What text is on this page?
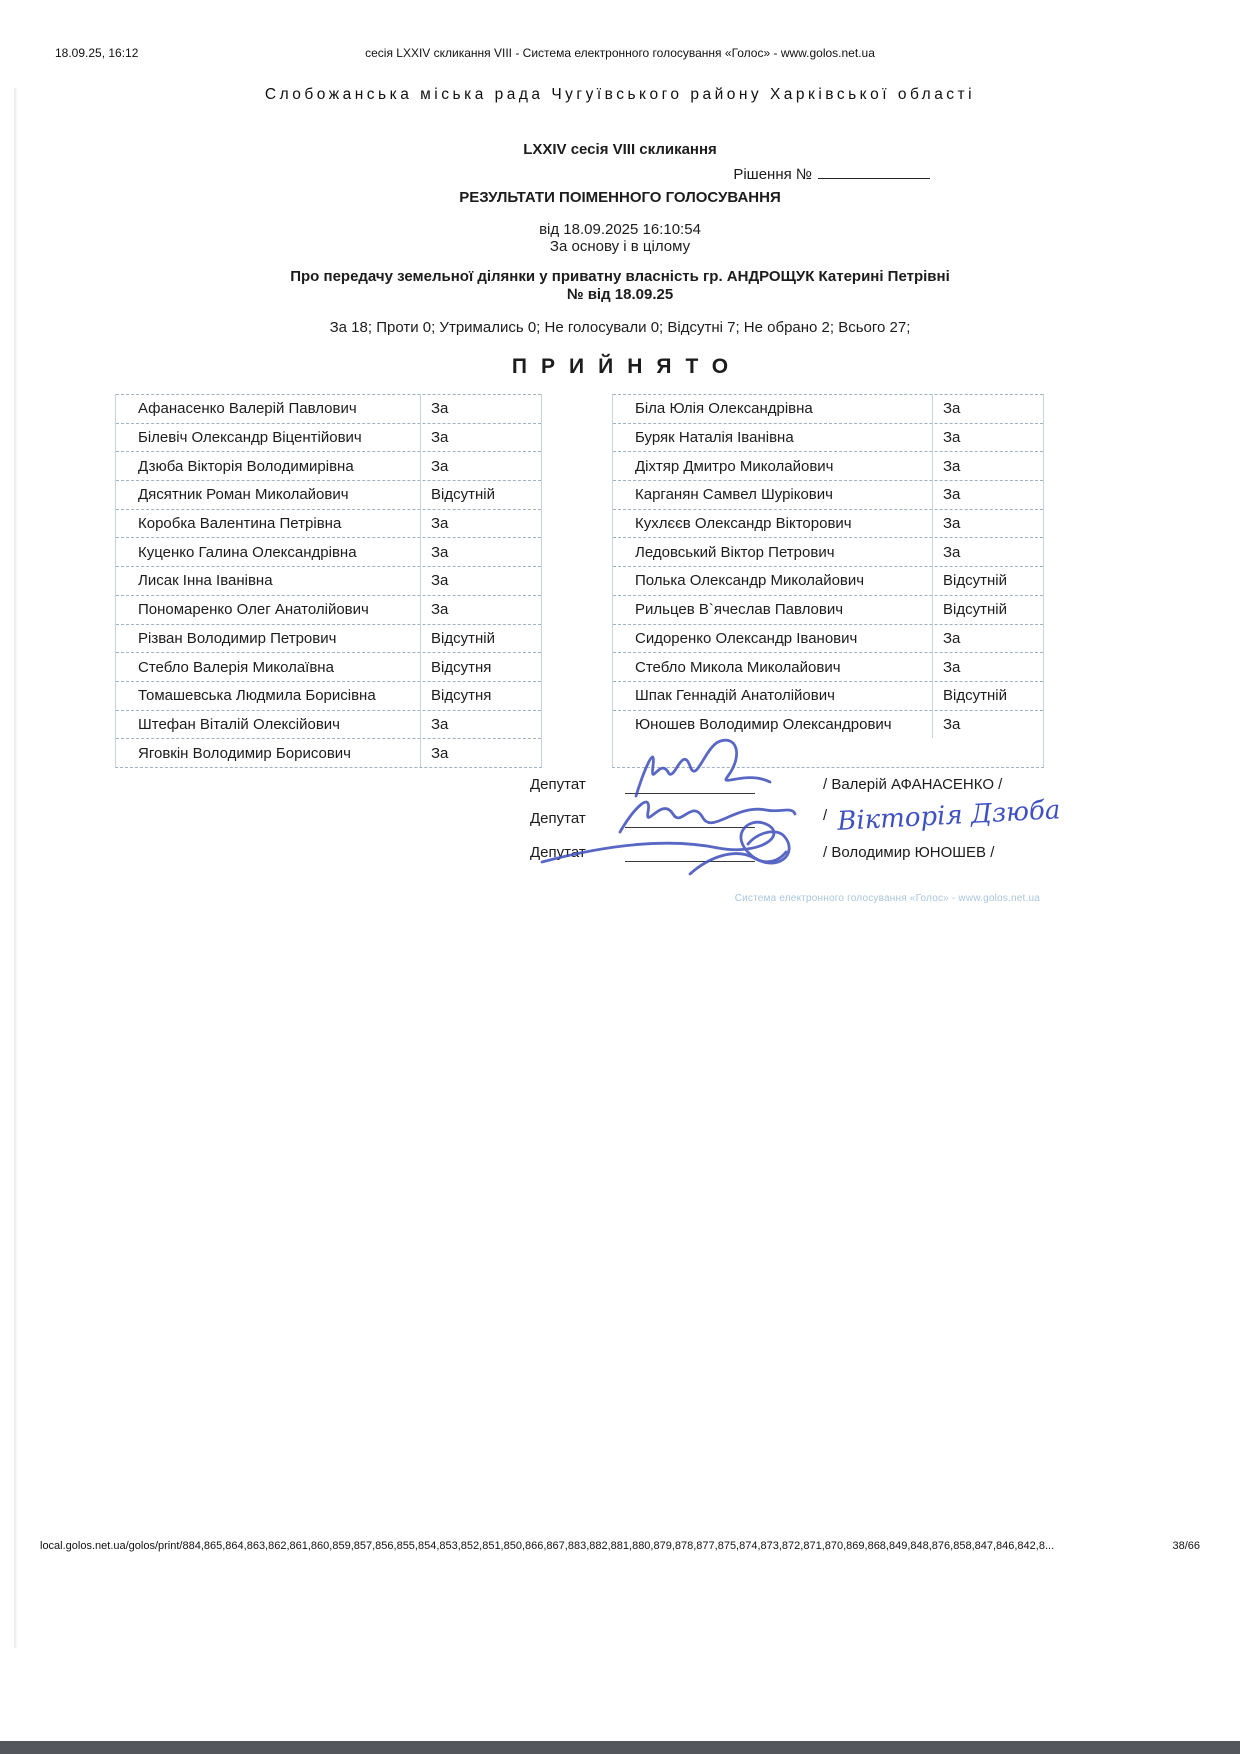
18.09.25, 16:12	сесія LXXIV скликання VIII - Система електронного голосування «Голос» - www.golos.net.ua
Слобожанська міська рада Чугуївського району Харківської області
LXXIV сесія VIII скликання
Рішення №
РЕЗУЛЬТАТИ ПОІМЕННОГО ГОЛОСУВАННЯ
від 18.09.2025 16:10:54
За основу і в цілому
Про передачу земельної ділянки у приватну власність гр. АНДРОЩУК Катерині Петрівні
№ від 18.09.25
За 18; Проти 0; Утримались 0; Не голосували 0; Відсутні 7; Не обрано 2; Всього 27;
ПРИЙНЯТО
Афанасенко Валерій Павлович	За
Білевіч Олександр Віцентійович	За
Дзюба Вікторія Володимирівна	За
Дясятник Роман Миколайович	Відсутній
Коробка Валентина Петрівна	За
Куценко Галина Олександрівна	За
Лисак Інна Іванівна	За
Пономаренко Олег Анатолійович	За
Різван Володимир Петрович	Відсутній
Стебло Валерія Миколаївна	Відсутня
Томашевська Людмила Борисівна	Відсутня
Штефан Віталій Олексійович	За
Яговкін Володимир Борисович	За
Біла Юлія Олександрівна	За
Буряк Наталія Іванівна	За
Діхтяр Дмитро Миколайович	За
Карганян Самвел Шурікович	За
Кухлєєв Олександр Вікторович	За
Ледовський Віктор Петрович	За
Полька Олександр Миколайович	Відсутній
Рильцев В`ячеслав Павлович	Відсутній
Сидоренко Олександр Іванович	За
Стебло Микола Миколайович	За
Шпак Геннадій Анатолійович	Відсутній
Юношев Володимир Олександрович	За
Депутат	/ Валерій АФАНАСЕНКО /
Депутат	/ Вікторія Дзюба
Депутат	/ Володимир ЮНОШЕВ /
Система електронного голосування «Голос» - www.golos.net.ua
local.golos.net.ua/golos/print/884,865,864,863,862,861,860,859,857,856,855,854,853,852,851,850,866,867,883,882,881,880,879,878,877,875,874,873,872,871,870,869,868,849,848,876,858,847,846,842,8...	38/66
